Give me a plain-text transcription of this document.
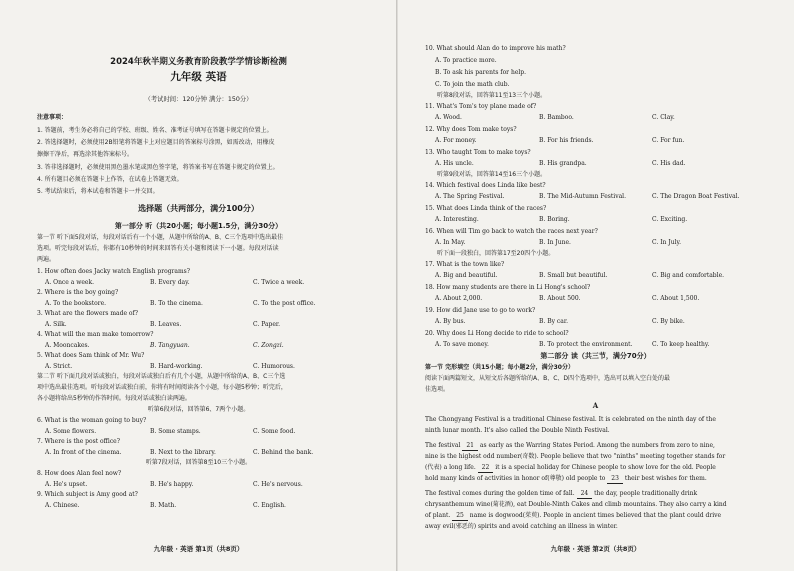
2024年秋半期义务教育阶段教学学情诊断检测
九年级 英语
（考试时间：120分钟 满分：150分）
注意事项：
1. 答题前，考生务必将自己的学校、班级、姓名、准考证号填写在答题卡规定的位置上。
2. 答选择题时，必须使用2B铅笔将答题卡上对应题目的答案标号涂黑，如需改动，用橡皮
擦擦干净后，再选涂其他答案标号。
3. 答非选择题时，必须使用黑色墨水笔或黑色签字笔，将答案书写在答题卡规定的位置上。
4. 所有题目必须在答题卡上作答，在试卷上答题无效。
5. 考试结束后，将本试卷和答题卡一并交回。
选择题（共两部分，满分100分）
第一部分 听（共20小题；每小题1.5分，满分30分）
第一节 听下面5段对话，每段对话后有一个小题，从题中所给的A、B、C三个选项中选出最佳
选项。听完每段对话后，你都有10秒钟的时间来回答有关小题和阅读下一小题。每段对话读
两遍。
1. How often does Jacky watch English programs?
A. Once a week.	B. Every day.	C. Twice a week.
2. Where is the boy going?
A. To the bookstore.	B. To the cinema.	C. To the post office.
3. What are the flowers made of?
A. Silk.	B. Leaves.	C. Paper.
4. What will the man make tomorrow?
A. Mooncakes.	B. Tangyuan.	C. Zongzi.
5. What does Sam think of Mr. Wu?
A. Strict.	B. Hard-working.	C. Humorous.
第二节 听下面几段对话或独白，每段对话或独白后有几个小题，从题中所给的A、B、C三个选
项中选出最佳选项。听每段对话或独白前，你将有时间阅读各个小题，每小题5秒钟；听完后，
各小题将给出5秒钟的作答时间。每段对话或独白读两遍。
听第6段对话，回答第6、7两个小题。
6. What is the woman going to buy?
A. Some flowers.	B. Some stamps.	C. Some food.
7. Where is the post office?
A. In front of the cinema.	B. Next to the library.	C. Behind the bank.
听第7段对话，回答第8至10三个小题。
8. How does Alan feel now?
A. He's upset.	B. He's happy.	C. He's nervous.
9. Which subject is Amy good at?
A. Chinese.	B. Math.	C. English.
九年级 · 英语 第1页（共8页）
10. What should Alan do to improve his math?
A. To practice more.
B. To ask his parents for help.
C. To join the math club.
听第8段对话，回答第11至13三个小题。
11. What's Tom's toy plane made of?
A. Wood.	B. Bamboo.	C. Clay.
12. Why does Tom make toys?
A. For money.	B. For his friends.	C. For fun.
13. Who taught Tom to make toys?
A. His uncle.	B. His grandpa.	C. His dad.
听第9段对话，回答第14至16三个小题。
14. Which festival does Linda like best?
A. The Spring Festival.	B. The Mid-Autumn Festival.	C. The Dragon Boat Festival.
15. What does Linda think of the races?
A. Interesting.	B. Boring.	C. Exciting.
16. When will Tim go back to watch the races next year?
A. In May.	B. In June.	C. In July.
听下面一段独白，回答第17至20四个小题。
17. What is the town like?
A. Big and beautiful.	B. Small but beautiful.	C. Big and comfortable.
18. How many students are there in Li Hong's school?
A. About 2,000.	B. About 500.	C. About 1,500.
19. How did Jane use to go to work?
A. By bus.	B. By car.	C. By bike.
20. Why does Li Hong decide to ride to school?
A. To save money.	B. To protect the environment.	C. To keep healthy.
第二部分 读（共三节，满分70分）
第一节 完形填空（共15小题；每小题2分，满分30分）
阅读下面两篇短文，从短文后各题所给的A、B、C、D四个选项中，选出可以填入空白处的最
佳选项。
A
The Chongyang Festival is a traditional Chinese festival. It is celebrated on the ninth day of the
ninth lunar month. It's also called the Double Ninth Festival.
The festival 21 as early as the Warring States Period. Among the numbers from zero to nine,
nine is the highest odd number(奇数). People believe that two "ninths" meeting together stands for
(代表) a long life. 22 it is a special holiday for Chinese people to show love for the old. People
hold many kinds of activities in honor of(尊敬) old people to 23 their best wishes for them.
The festival comes during the golden time of fall. 24 the day, people traditionally drink
chrysanthemum wine(菊花酒), eat Double-Ninth Cakes and climb mountains. They also carry a kind
of plant. 25 name is dogwood(茱萸). People in ancient times believed that the plant could drive
away evil(邪恶的) spirits and avoid catching an illness in winter.
九年级 · 英语 第2页（共8页）
